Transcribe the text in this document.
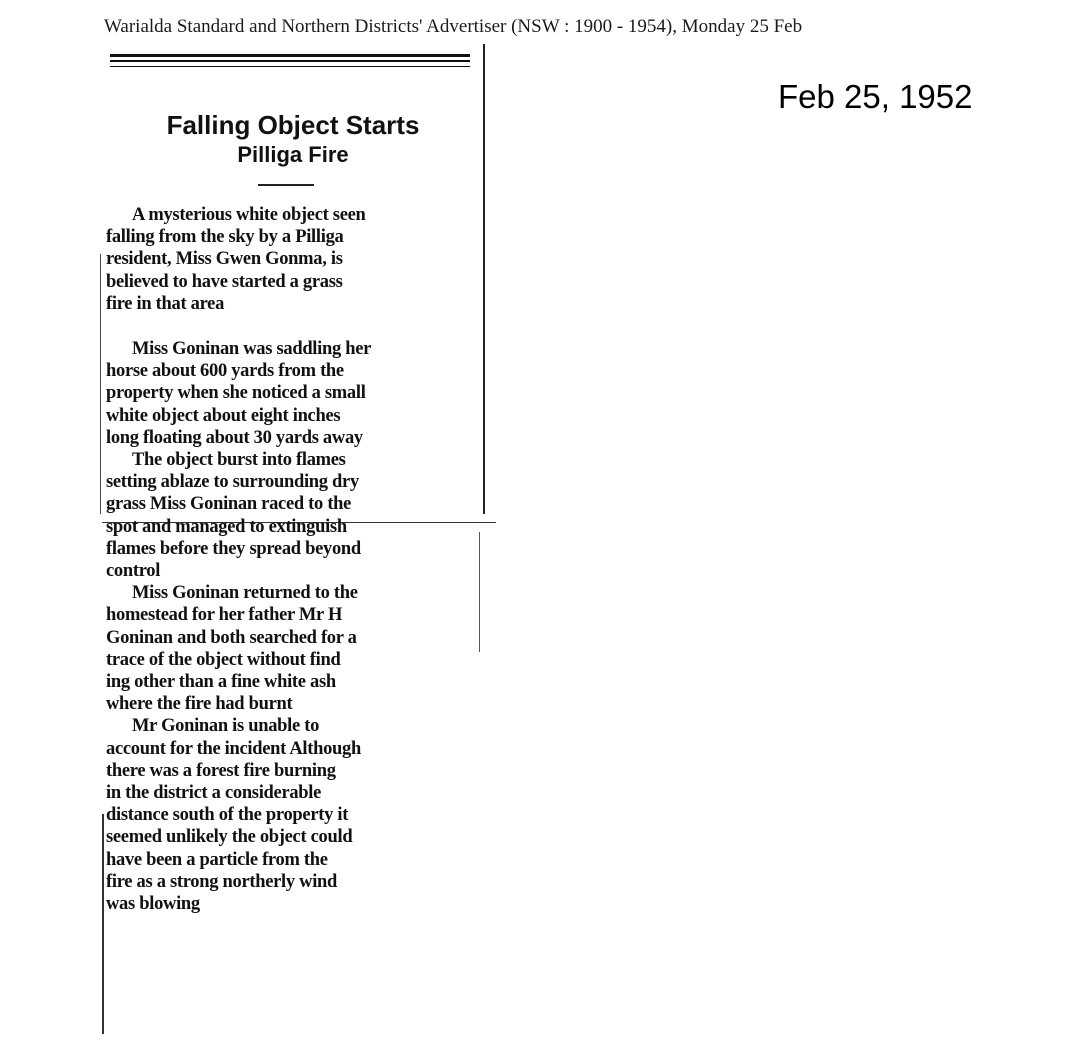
Warialda Standard and Northern Districts' Advertiser (NSW : 1900 - 1954), Monday 25 Feb
Feb 25, 1952
Falling Object Starts
Pilliga Fire
A mysterious white object seen
falling from the sky by a Pilliga
resident, Miss Gwen Gonma, is
believed to have started a grass
fire in that area
Miss Goninan was saddling her
horse about 600 yards from the
property when she noticed a small
white object about eight inches
long floating about 30 yards away
The object burst into flames
setting ablaze to surrounding dry
grass Miss Goninan raced to the
spot and managed to extinguish
flames before they spread beyond
control
Miss Goninan returned to the
homestead for her father Mr H
Goninan and both searched for a
trace of the object without find
ing other than a fine white ash
where the fire had burnt
Mr Goninan is unable to
account for the incident Although
there was a forest fire burning
in the district a considerable
distance south of the property it
seemed unlikely the object could
have been a particle from the
fire as a strong northerly wind
was blowing
